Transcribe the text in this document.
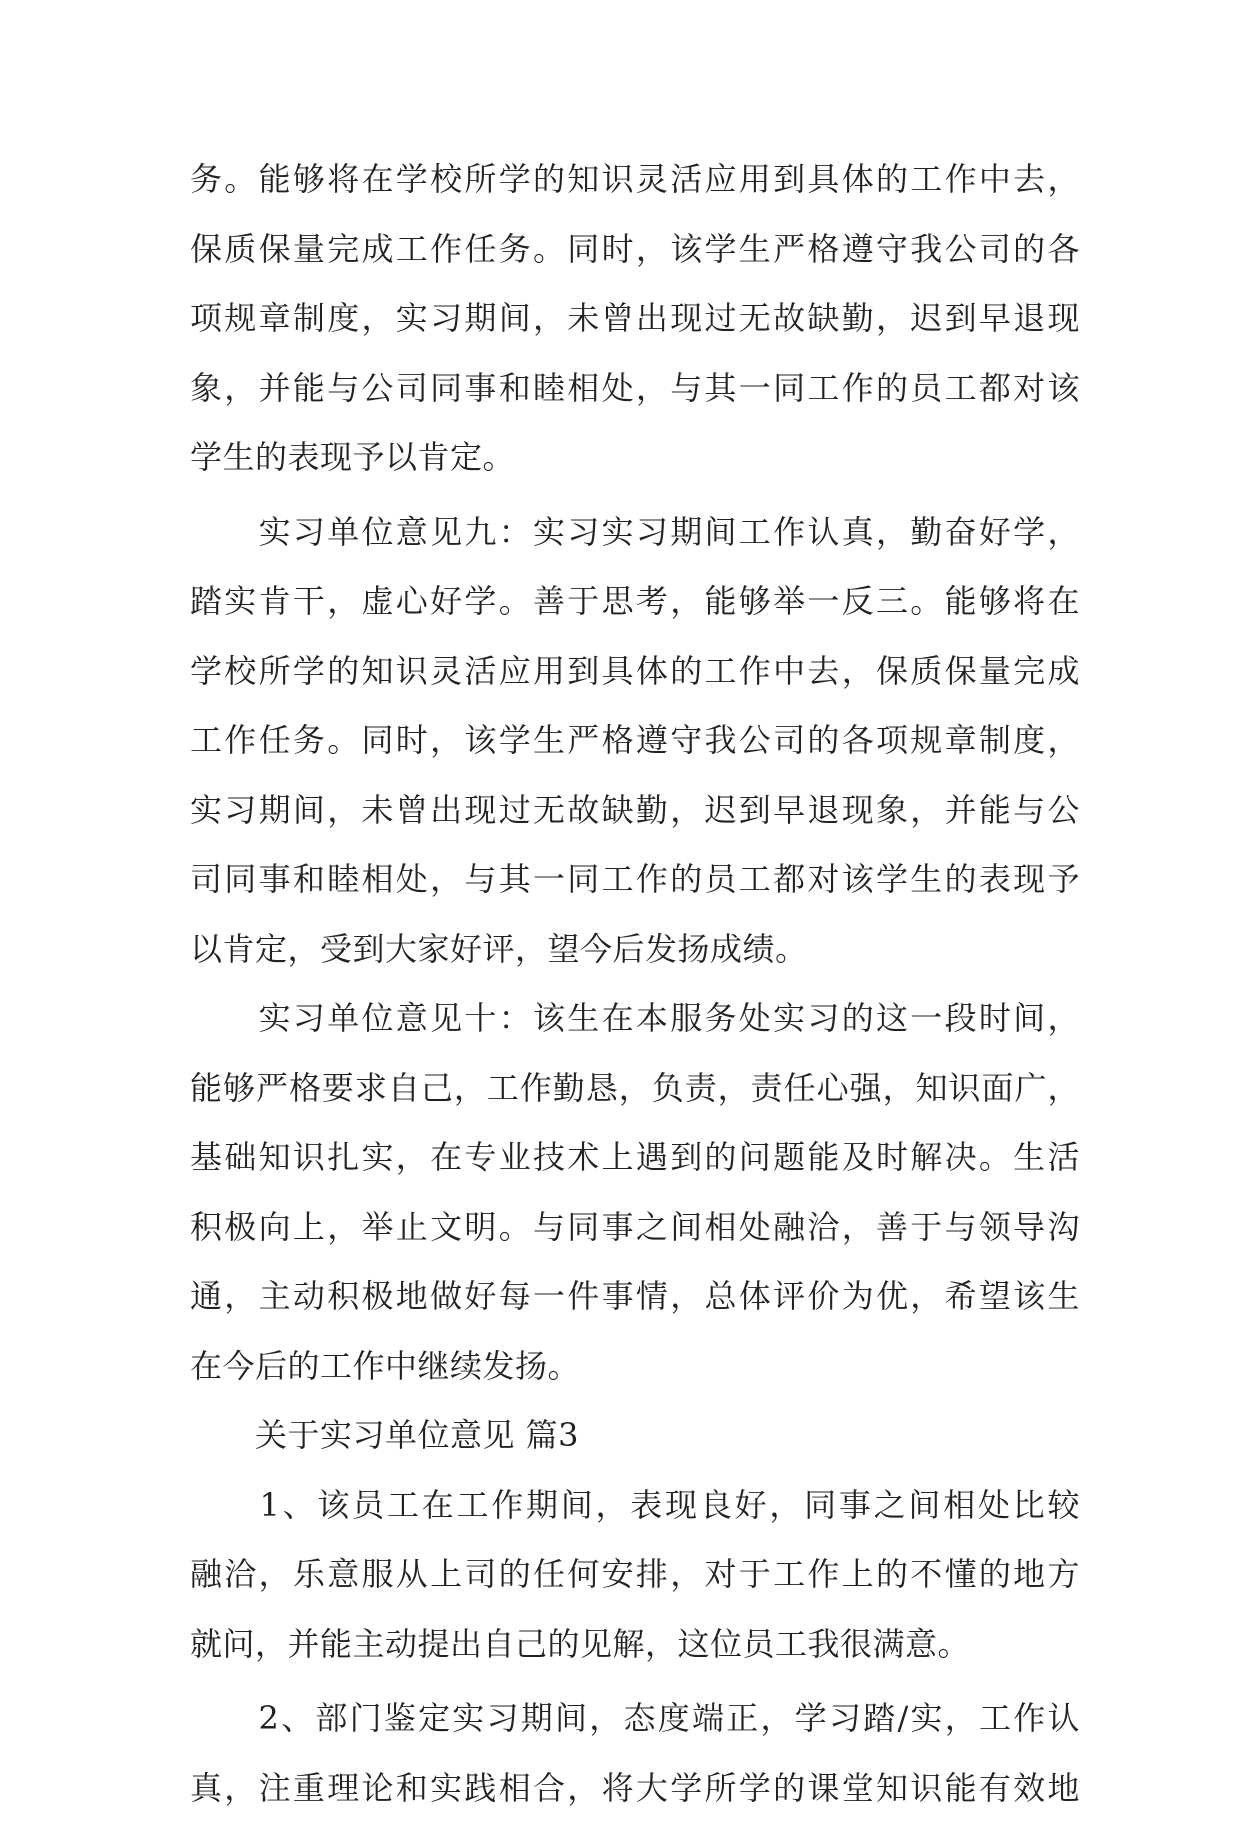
务。能够将在学校所学的知识灵活应用到具体的工作中去，
保质保量完成工作任务。同时，该学生严格遵守我公司的各
项规章制度，实习期间，未曾出现过无故缺勤，迟到早退现
象，并能与公司同事和睦相处，与其一同工作的员工都对该
学生的表现予以肯定。
　　实习单位意见九：实习实习期间工作认真，勤奋好学，
踏实肯干，虚心好学。善于思考，能够举一反三。能够将在
学校所学的知识灵活应用到具体的工作中去，保质保量完成
工作任务。同时，该学生严格遵守我公司的各项规章制度，
实习期间，未曾出现过无故缺勤，迟到早退现象，并能与公
司同事和睦相处，与其一同工作的员工都对该学生的表现予
以肯定，受到大家好评，望今后发扬成绩。
　　实习单位意见十：该生在本服务处实习的这一段时间，
能够严格要求自己，工作勤恳，负责，责任心强，知识面广，
基础知识扎实，在专业技术上遇到的问题能及时解决。生活
积极向上，举止文明。与同事之间相处融洽，善于与领导沟
通，主动积极地做好每一件事情，总体评价为优，希望该生
在今后的工作中继续发扬。
　　关于实习单位意见 篇3
　　1、该员工在工作期间，表现良好，同事之间相处比较
融洽，乐意服从上司的任何安排，对于工作上的不懂的地方
就问，并能主动提出自己的见解，这位员工我很满意。
　　2、部门鉴定实习期间，态度端正，学习踏/实，工作认
真，注重理论和实践相合，将大学所学的课堂知识能有效地
